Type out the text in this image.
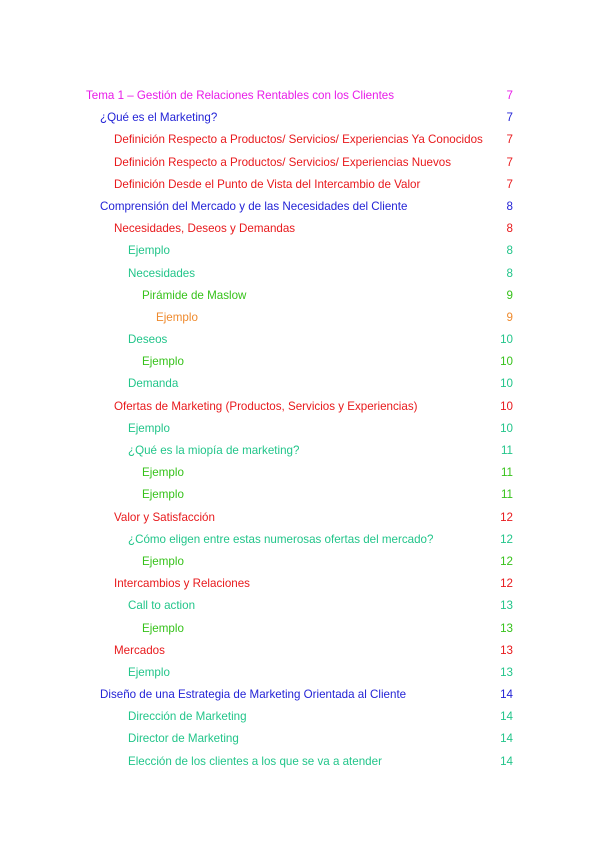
Tema 1 – Gestión de Relaciones Rentables con los Clientes	7
¿Qué es el Marketing?	7
Definición Respecto a Productos/ Servicios/ Experiencias Ya Conocidos 7
Definición Respecto a Productos/ Servicios/ Experiencias Nuevos	7
Definición Desde el Punto de Vista del Intercambio de Valor	7
Comprensión del Mercado y de las Necesidades del Cliente	8
Necesidades, Deseos y Demandas	8
Ejemplo	8
Necesidades	8
Pirámide de Maslow	9
Ejemplo	9
Deseos	10
Ejemplo	10
Demanda	10
Ofertas de Marketing (Productos, Servicios y Experiencias)	10
Ejemplo	10
¿Qué es la miopía de marketing?	11
Ejemplo	11
Ejemplo	11
Valor y Satisfacción	12
¿Cómo eligen entre estas numerosas ofertas del mercado?	12
Ejemplo	12
Intercambios y Relaciones	12
Call to action	13
Ejemplo	13
Mercados	13
Ejemplo	13
Diseño de una Estrategia de Marketing Orientada al Cliente	14
Dirección de Marketing	14
Director de Marketing	14
Elección de los clientes a los que se va a atender	14
